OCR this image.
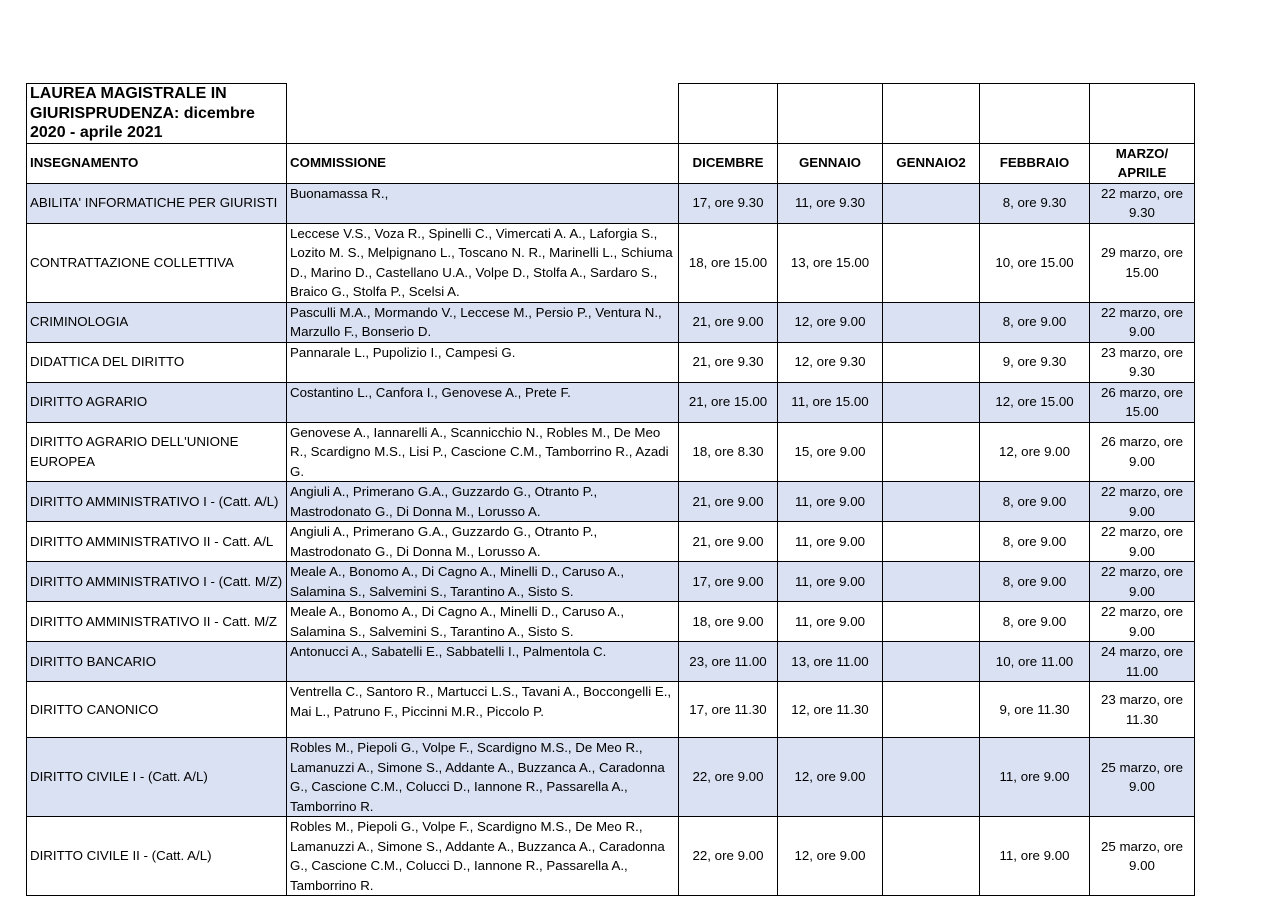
LAUREA MAGISTRALE IN GIURISPRUDENZA: dicembre 2020 - aprile 2021						
INSEGNAMENTO	COMMISSIONE	DICEMBRE	GENNAIO	GENNAIO2	FEBBRAIO	MARZO/ APRILE
ABILITA' INFORMATICHE PER GIURISTI	Buonamassa R.,	17, ore 9.30	11, ore 9.30		8, ore 9.30	22 marzo, ore 9.30
CONTRATTAZIONE COLLETTIVA	Leccese V.S., Voza R., Spinelli C., Vimercati A. A., Laforgia S., Lozito M. S., Melpignano L., Toscano N. R., Marinelli L., Schiuma D., Marino D., Castellano U.A., Volpe D., Stolfa A., Sardaro S., Braico G., Stolfa P., Scelsi A.	18, ore 15.00	13, ore 15.00		10, ore 15.00	29 marzo, ore 15.00
CRIMINOLOGIA	Pasculli M.A., Mormando V., Leccese M., Persio P., Ventura N., Marzullo F., Bonserio D.	21, ore 9.00	12, ore 9.00		8, ore 9.00	22 marzo, ore 9.00
DIDATTICA DEL DIRITTO	Pannarale L., Pupolizio I., Campesi G.	21, ore 9.30	12, ore 9.30		9, ore 9.30	23 marzo, ore 9.30
DIRITTO AGRARIO	Costantino L., Canfora I., Genovese A., Prete F.	21, ore 15.00	11, ore 15.00		12, ore 15.00	26 marzo, ore 15.00
DIRITTO AGRARIO DELL'UNIONE EUROPEA	Genovese A., Iannarelli A., Scannicchio N., Robles M., De Meo R., Scardigno M.S., Lisi P., Cascione C.M., Tamborrino R., Azadi G.	18, ore 8.30	15, ore 9.00		12, ore 9.00	26 marzo, ore 9.00
DIRITTO AMMINISTRATIVO I - (Catt. A/L)	Angiuli A., Primerano G.A., Guzzardo G., Otranto P., Mastrodonato G., Di Donna M., Lorusso A.	21, ore 9.00	11, ore 9.00		8, ore 9.00	22 marzo, ore 9.00
DIRITTO AMMINISTRATIVO II - Catt. A/L	Angiuli A., Primerano G.A., Guzzardo G., Otranto P., Mastrodonato G., Di Donna M., Lorusso A.	21, ore 9.00	11, ore 9.00		8, ore 9.00	22 marzo, ore 9.00
DIRITTO AMMINISTRATIVO I - (Catt. M/Z)	Meale A., Bonomo A., Di Cagno A., Minelli D., Caruso A., Salamina S., Salvemini S., Tarantino A., Sisto S.	17, ore 9.00	11, ore 9.00		8, ore 9.00	22 marzo, ore 9.00
DIRITTO AMMINISTRATIVO II - Catt. M/Z	Meale A., Bonomo A., Di Cagno A., Minelli D., Caruso A., Salamina S., Salvemini S., Tarantino A., Sisto S.	18, ore 9.00	11, ore 9.00		8, ore 9.00	22 marzo, ore 9.00
DIRITTO BANCARIO	Antonucci A., Sabatelli E., Sabbatelli I., Palmentola C.	23, ore 11.00	13, ore 11.00		10, ore 11.00	24 marzo, ore 11.00
DIRITTO CANONICO	Ventrella C., Santoro R., Martucci L.S., Tavani A., Boccongelli E., Mai L., Patruno F., Piccinni M.R., Piccolo P.	17, ore 11.30	12, ore 11.30		9, ore 11.30	23 marzo, ore 11.30
DIRITTO CIVILE I - (Catt. A/L)	Robles M., Piepoli G., Volpe F., Scardigno M.S., De Meo R., Lamanuzzi A., Simone S., Addante A., Buzzanca A., Caradonna G., Cascione C.M., Colucci D., Iannone R., Passarella A., Tamborrino R.	22, ore 9.00	12, ore 9.00		11, ore 9.00	25 marzo, ore 9.00
DIRITTO CIVILE II - (Catt. A/L)	Robles M., Piepoli G., Volpe F., Scardigno M.S., De Meo R., Lamanuzzi A., Simone S., Addante A., Buzzanca A., Caradonna G., Cascione C.M., Colucci D., Iannone R., Passarella A., Tamborrino R.	22, ore 9.00	12, ore 9.00		11, ore 9.00	25 marzo, ore 9.00
